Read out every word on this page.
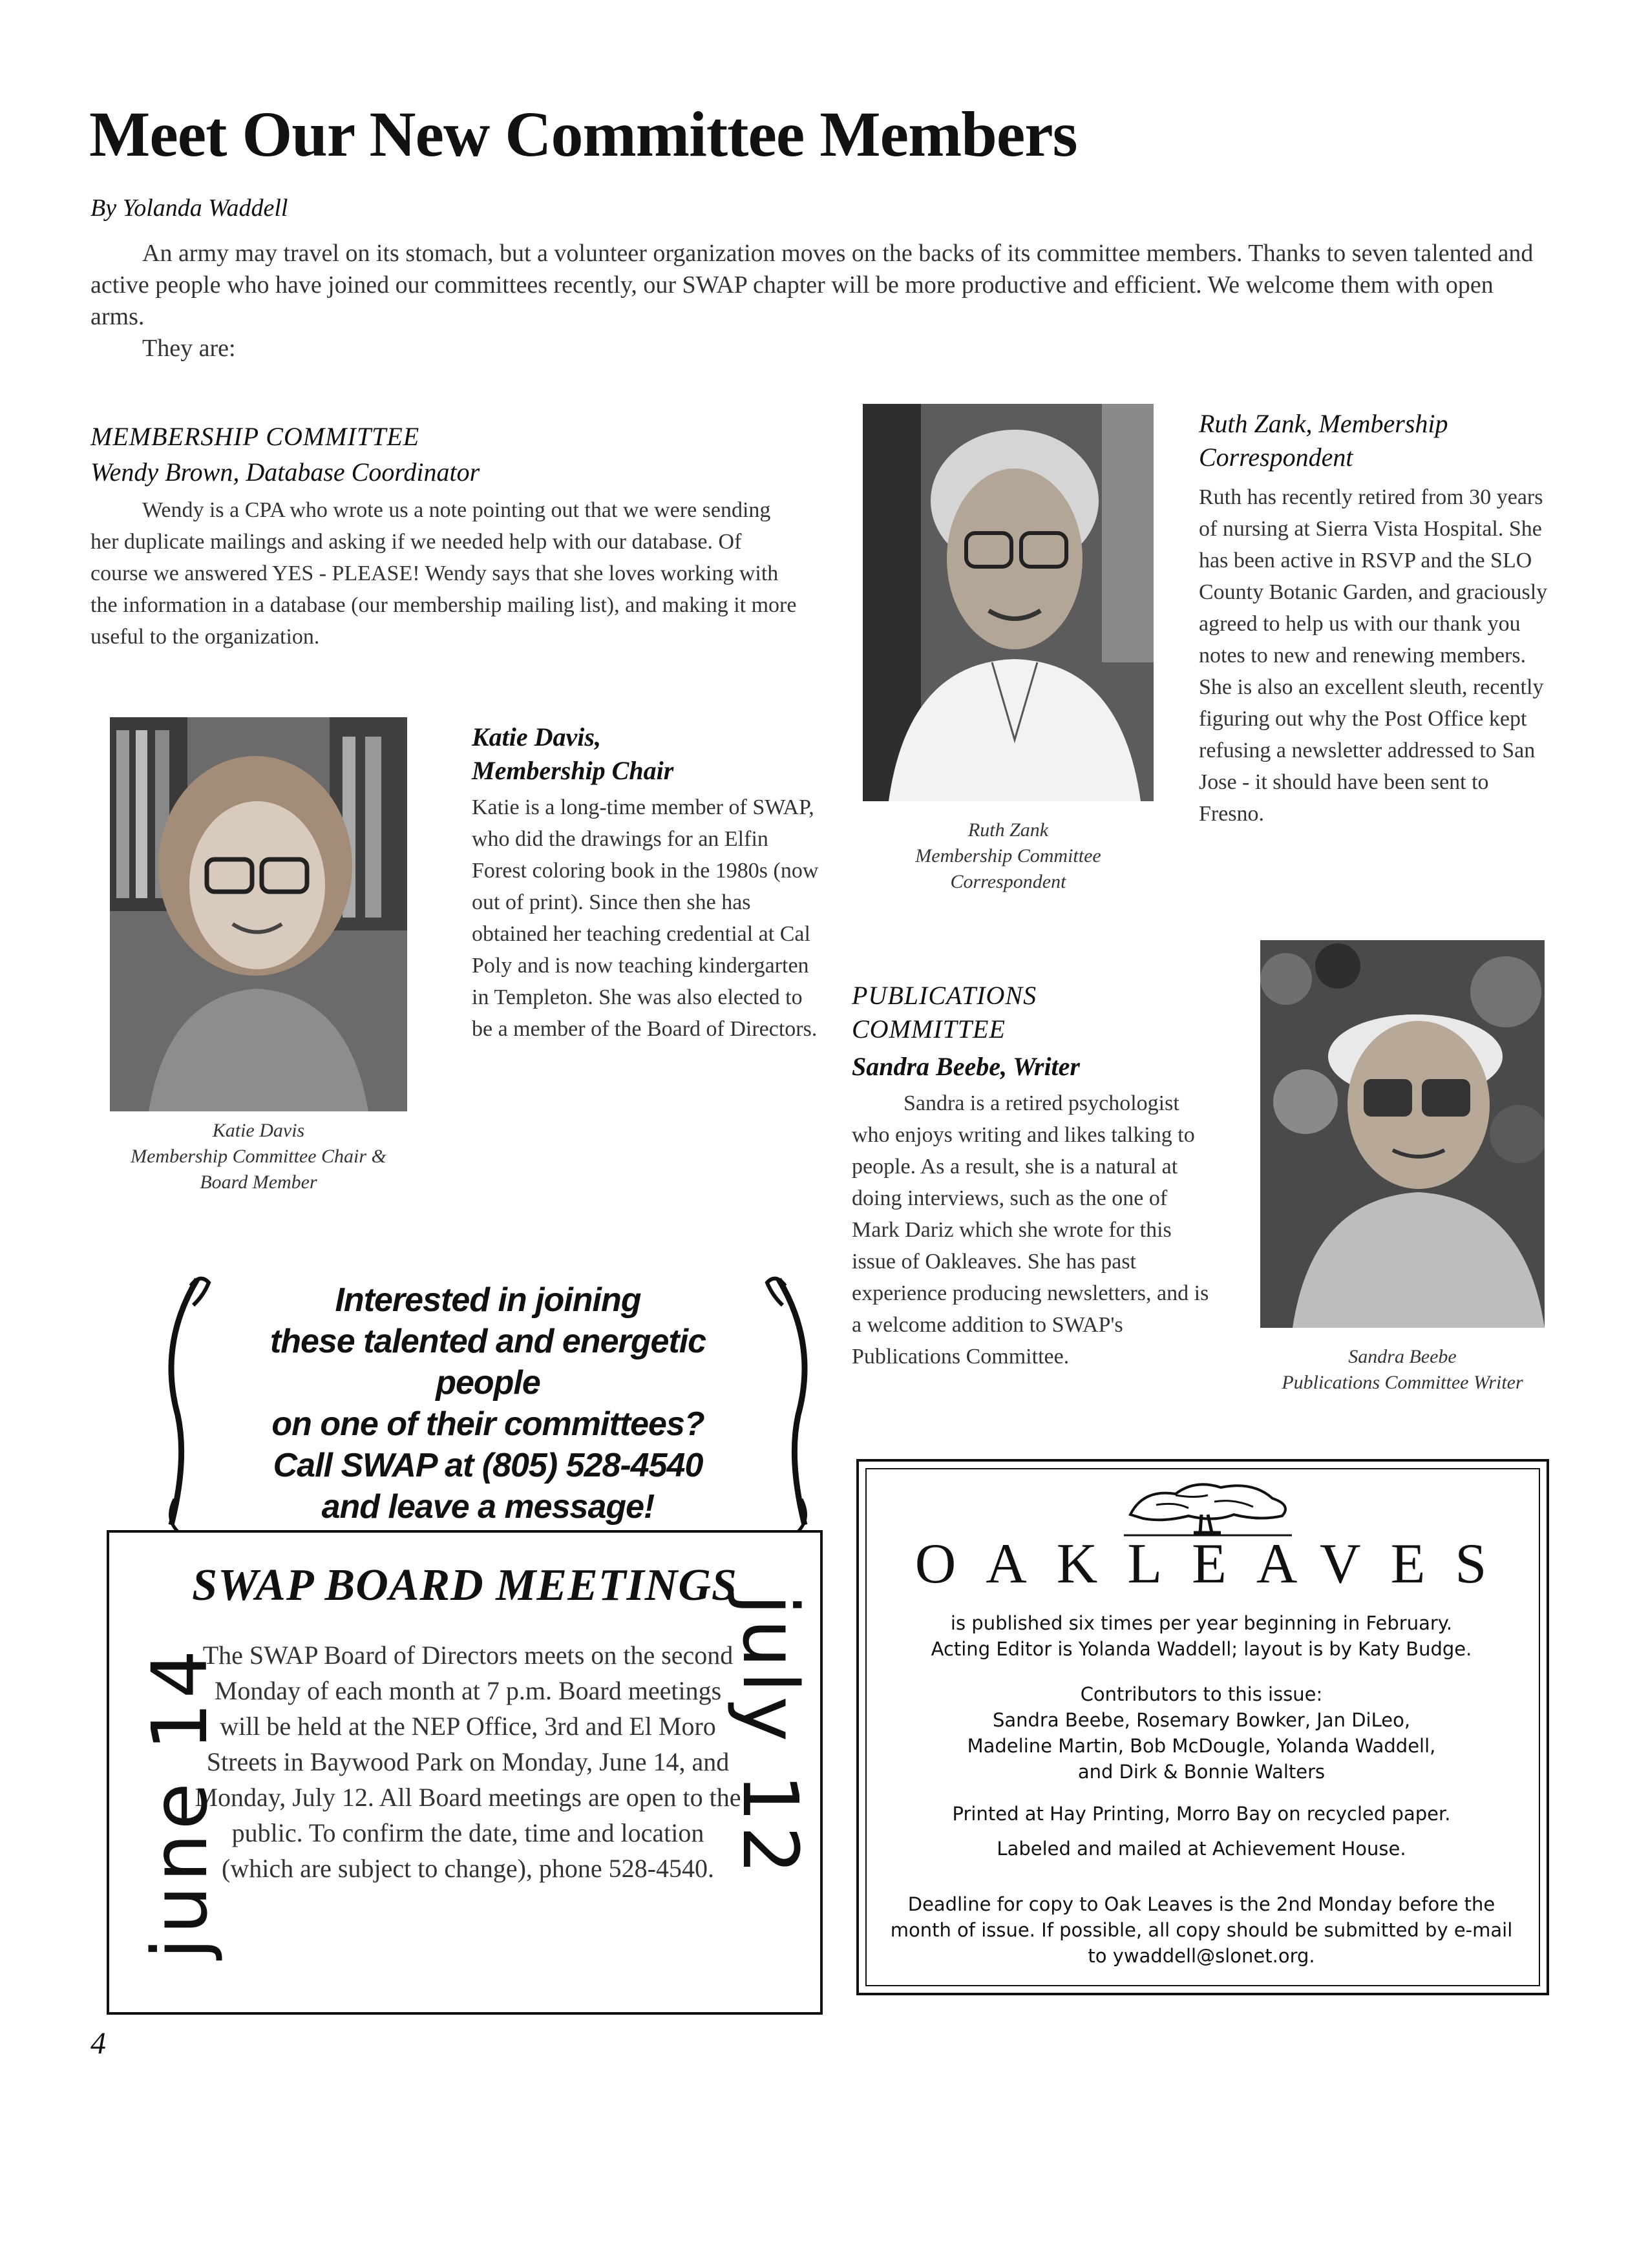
Meet Our New Committee Members
By Yolanda Waddell

An army may travel on its stomach, but a volunteer organization moves on the backs of its committee members. Thanks to seven talented and active people who have joined our committees recently, our SWAP chapter will be more productive and efficient. We welcome them with open arms.

They are:

MEMBERSHIP COMMITTEE
Wendy Brown, Database Coordinator
Wendy is a CPA who wrote us a note pointing out that we were sending her duplicate mailings and asking if we needed help with our database. Of course we answered YES - PLEASE! Wendy says that she loves working with the information in a database (our membership mailing list), and making it more useful to the organization.
Katie Davis
Membership Committee Chair &
Board Member
Katie Davis,
Membership Chair
Katie is a long-time member of SWAP, who did the drawings for an Elfin Forest coloring book in the 1980s (now out of print). Since then she has obtained her teaching credential at Cal Poly and is now teaching kindergarten in Templeton. She was also elected to be a member of the Board of Directors.
Ruth Zank
Membership Committee
Correspondent
Ruth Zank, Membership
Correspondent
Ruth has recently retired from 30 years of nursing at Sierra Vista Hospital. She has been active in RSVP and the SLO County Botanic Garden, and graciously agreed to help us with our thank you notes to new and renewing members. She is also an excellent sleuth, recently figuring out why the Post Office kept refusing a newsletter addressed to San Jose - it should have been sent to Fresno.
PUBLICATIONS
COMMITTEE
Sandra Beebe, Writer
Sandra is a retired psychologist who enjoys writing and likes talking to people. As a result, she is a natural at doing interviews, such as the one of Mark Dariz which she wrote for this issue of Oakleaves. She has past experience producing newsletters, and is a welcome addition to SWAP's Publications Committee.	Sandra Beebe
Publications Committee Writer
Interested in joining
these talented and energetic people
on one of their committees?
Call SWAP at (805) 528-4540
and leave a message!
SWAP BOARD MEETINGS
The SWAP Board of Directors meets on the second Monday of each month at 7 p.m. Board meetings will be held at the NEP Office, 3rd and El Moro Streets in Baywood Park on Monday, June 14, and Monday, July 12. All Board meetings are open to the public. To confirm the date, time and location (which are subject to change), phone 528-4540.
june 14	july 12
OAKLEAVES
is published six times per year beginning in February.
Acting Editor is Yolanda Waddell; layout is by Katy Budge.
Contributors to this issue:
Sandra Beebe, Rosemary Bowker, Jan DiLeo,
Madeline Martin, Bob McDougle, Yolanda Waddell,
and Dirk & Bonnie Walters
Printed at Hay Printing, Morro Bay on recycled paper.
Labeled and mailed at Achievement House.
Deadline for copy to Oak Leaves is the 2nd Monday before the
month of issue. If possible, all copy should be submitted by e-mail
to ywaddell@slonet.org.
4
